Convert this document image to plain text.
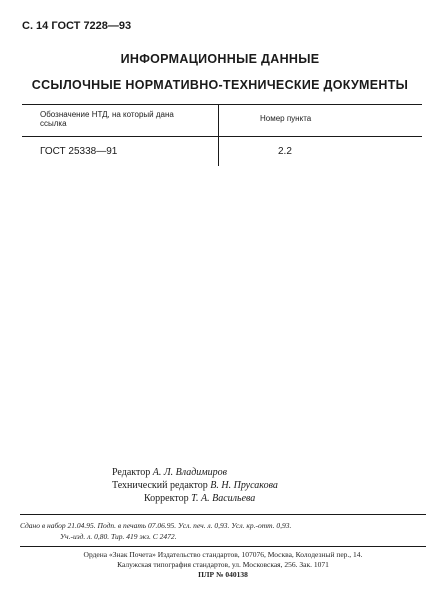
С. 14 ГОСТ 7228—93
ИНФОРМАЦИОННЫЕ ДАННЫЕ
ССЫЛОЧНЫЕ НОРМАТИВНО-ТЕХНИЧЕСКИЕ ДОКУМЕНТЫ
Обозначение НТД, на который дана ссылка
Номер пункта
ГОСТ 25338—91	2.2
Редактор А. Л. Владимиров
Технический редактор В. Н. Прусакова
Корректор Т. А. Васильева
Сдано в набор 21.04.95. Подп. в печать 07.06.95. Усл. печ. л. 0,93. Усл. кр.-отт. 0,93.
Уч.-изд. л. 0,80. Тир. 419 экз. С 2472.
Ордена «Знак Почета» Издательство стандартов, 107076, Москва, Колодезный пер., 14.
Калужская типография стандартов, ул. Московская, 256. Зак. 1071
ПЛР № 040138
